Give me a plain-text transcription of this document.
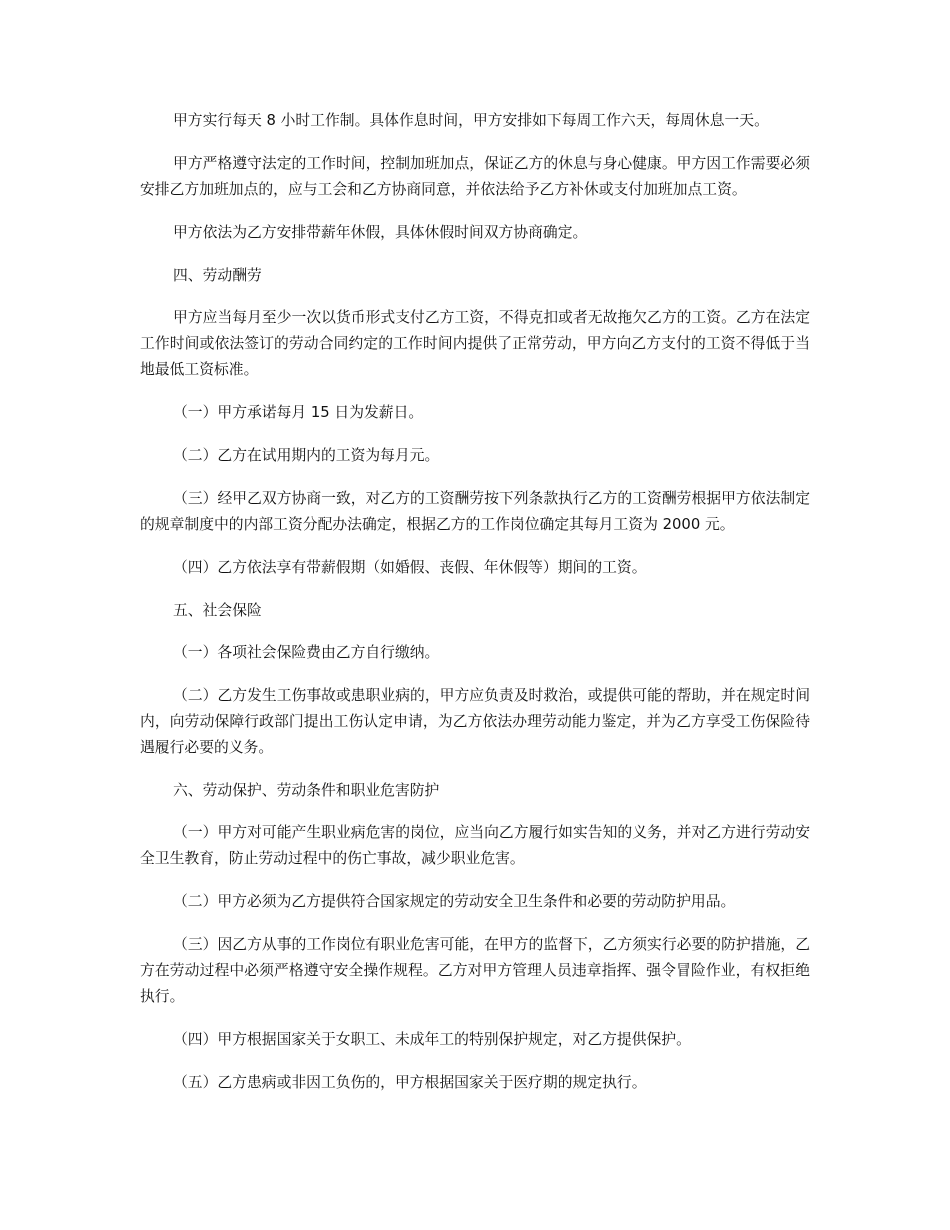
甲方实行每天 8 小时工作制。具体作息时间，甲方安排如下每周工作六天，每周休息一天。

甲方严格遵守法定的工作时间，控制加班加点，保证乙方的休息与身心健康。甲方因工作需要必须安排乙方加班加点的，应与工会和乙方协商同意，并依法给予乙方补休或支付加班加点工资。

甲方依法为乙方安排带薪年休假，具体休假时间双方协商确定。

四、劳动酬劳

甲方应当每月至少一次以货币形式支付乙方工资，不得克扣或者无故拖欠乙方的工资。乙方在法定工作时间或依法签订的劳动合同约定的工作时间内提供了正常劳动，甲方向乙方支付的工资不得低于当地最低工资标准。

（一）甲方承诺每月 15 日为发薪日。

（二）乙方在试用期内的工资为每月元。

（三）经甲乙双方协商一致，对乙方的工资酬劳按下列条款执行乙方的工资酬劳根据甲方依法制定的规章制度中的内部工资分配办法确定，根据乙方的工作岗位确定其每月工资为 2000 元。

（四）乙方依法享有带薪假期（如婚假、丧假、年休假等）期间的工资。

五、社会保险

（一）各项社会保险费由乙方自行缴纳。

（二）乙方发生工伤事故或患职业病的，甲方应负责及时救治，或提供可能的帮助，并在规定时间内，向劳动保障行政部门提出工伤认定申请，为乙方依法办理劳动能力鉴定，并为乙方享受工伤保险待遇履行必要的义务。

六、劳动保护、劳动条件和职业危害防护

（一）甲方对可能产生职业病危害的岗位，应当向乙方履行如实告知的义务，并对乙方进行劳动安全卫生教育，防止劳动过程中的伤亡事故，减少职业危害。

（二）甲方必须为乙方提供符合国家规定的劳动安全卫生条件和必要的劳动防护用品。

（三）因乙方从事的工作岗位有职业危害可能，在甲方的监督下，乙方须实行必要的防护措施，乙方在劳动过程中必须严格遵守安全操作规程。乙方对甲方管理人员违章指挥、强令冒险作业，有权拒绝执行。

（四）甲方根据国家关于女职工、未成年工的特别保护规定，对乙方提供保护。

（五）乙方患病或非因工负伤的，甲方根据国家关于医疗期的规定执行。
